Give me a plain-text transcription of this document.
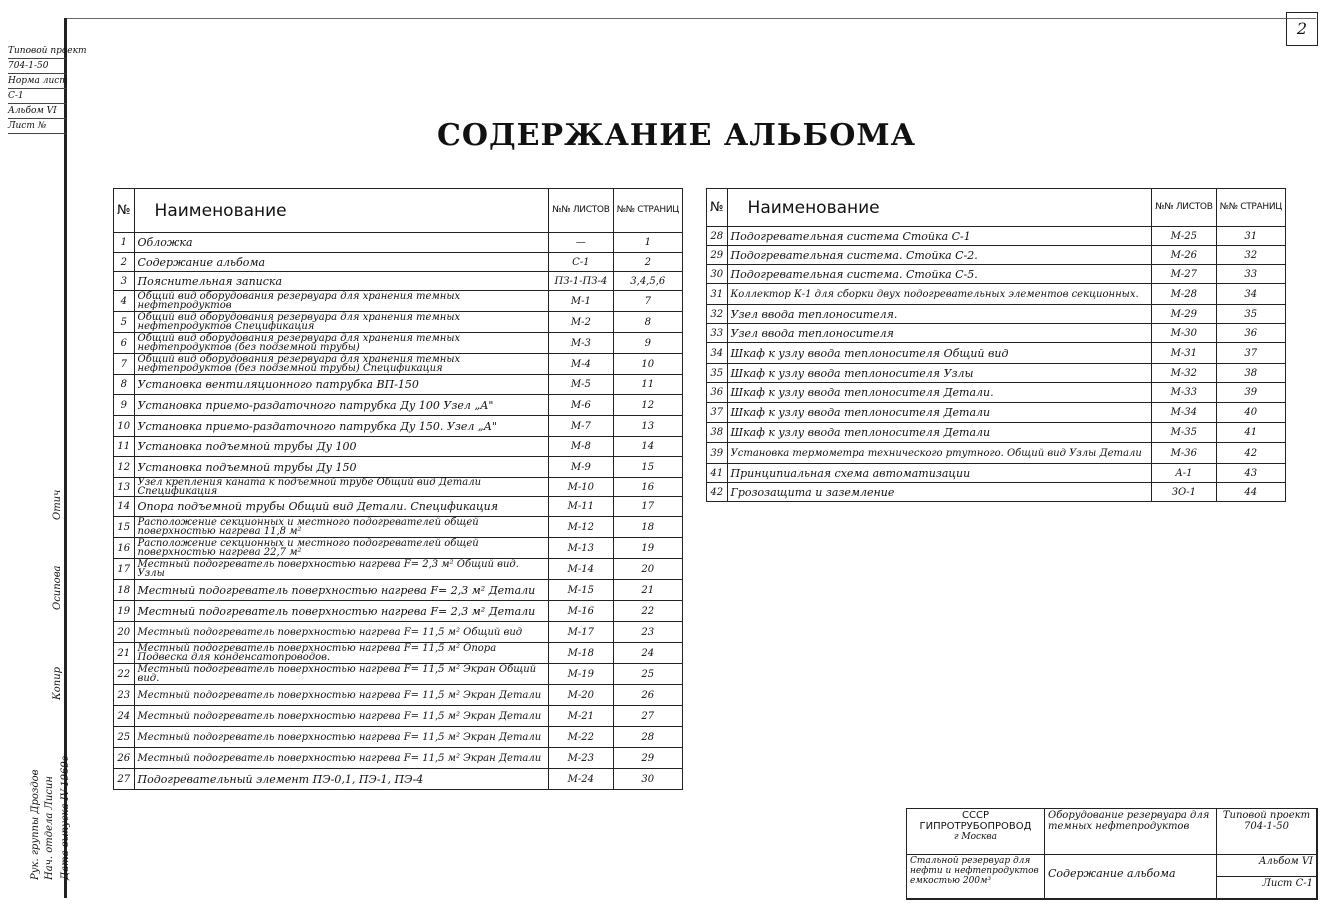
2
Типовой проект
704-1-50
Норма лист
С-1
Альбом VI
Лист №
Дата выпуска IV-1969г
Нач. отдела Лисин
Рук. группы Дроздов
Копир
Осипова
Отич
СОДЕРЖАНИЕ АЛЬБОМА
№	Наименование	№№ ЛИСТОВ	№№ СТРАНИЦ
1	Обложка	—	1
2	Содержание альбома	С-1	2
3	Пояснительная записка	ПЗ-1-ПЗ-4	3,4,5,6
4	Общий вид оборудования резервуара для хранения темных нефтепродуктов	М-1	7
5	Общий вид оборудования резервуара для хранения темных нефтепродуктов Спецификация	М-2	8
6	Общий вид оборудования резервуара для хранения темных нефтепродуктов (без подземной трубы)	М-3	9
7	Общий вид оборудования резервуара для хранения темных нефтепродуктов (без подземной трубы) Спецификация	М-4	10
8	Установка вентиляционного патрубка ВП-150	М-5	11
9	Установка приемо-раздаточного патрубка Ду 100 Узел „А"	М-6	12
10	Установка приемо-раздаточного патрубка Ду 150. Узел „А"	М-7	13
11	Установка подъемной трубы Ду 100	М-8	14
12	Установка подъемной трубы Ду 150	М-9	15
13	Узел крепления каната к подъемной трубе Общий вид Детали Спецификация	М-10	16
14	Опора подъемной трубы Общий вид Детали. Спецификация	М-11	17
15	Расположение секционных и местного подогревателей общей поверхностью нагрева 11,8 м²	М-12	18
16	Расположение секционных и местного подогревателей общей поверхностью нагрева 22,7 м²	М-13	19
17	Местный подогреватель поверхностью нагрева F= 2,3 м² Общий вид. Узлы	М-14	20
18	Местный подогреватель поверхностью нагрева F= 2,3 м² Детали	М-15	21
19	Местный подогреватель поверхностью нагрева F= 2,3 м² Детали	М-16	22
20	Местный подогреватель поверхностью нагрева F= 11,5 м² Общий вид	М-17	23
21	Местный подогреватель поверхностью нагрева F= 11,5 м² Опора Подвеска для конденсатопроводов.	М-18	24
22	Местный подогреватель поверхностью нагрева F= 11,5 м² Экран Общий вид.	М-19	25
23	Местный подогреватель поверхностью нагрева F= 11,5 м² Экран Детали	М-20	26
24	Местный подогреватель поверхностью нагрева F= 11,5 м² Экран Детали	М-21	27
25	Местный подогреватель поверхностью нагрева F= 11,5 м² Экран Детали	М-22	28
26	Местный подогреватель поверхностью нагрева F= 11,5 м² Экран Детали	М-23	29
27	Подогревательный элемент ПЭ-0,1, ПЭ-1, ПЭ-4	М-24	30
№	Наименование	№№ ЛИСТОВ	№№ СТРАНИЦ
28	Подогревательная система Стойка С-1	М-25	31
29	Подогревательная система. Стойка С-2.	М-26	32
30	Подогревательная система. Стойка С-5.	М-27	33
31	Коллектор К-1 для сборки двух подогревательных элементов секционных.	М-28	34
32	Узел ввода теплоносителя.	М-29	35
33	Узел ввода теплоносителя	М-30	36
34	Шкаф к узлу ввода теплоносителя Общий вид	М-31	37
35	Шкаф к узлу ввода теплоносителя Узлы	М-32	38
36	Шкаф к узлу ввода теплоносителя Детали.	М-33	39
37	Шкаф к узлу ввода теплоносителя Детали	М-34	40
38	Шкаф к узлу ввода теплоносителя Детали	М-35	41
39	Установка термометра технического ртутного. Общий вид Узлы Детали	М-36	42
41	Принципиальная схема автоматизации	А-1	43
42	Грозозащита и заземление	ЗО-1	44
СССР
ГИПРОТРУБОПРОВОД
г Москва
Оборудование резервуара для темных нефтепродуктов
Типовой проект 704-1-50
Стальной резервуар для нефти и нефтепродуктов емкостью 200м³
Содержание альбома
Альбом VI
Лист С-1
